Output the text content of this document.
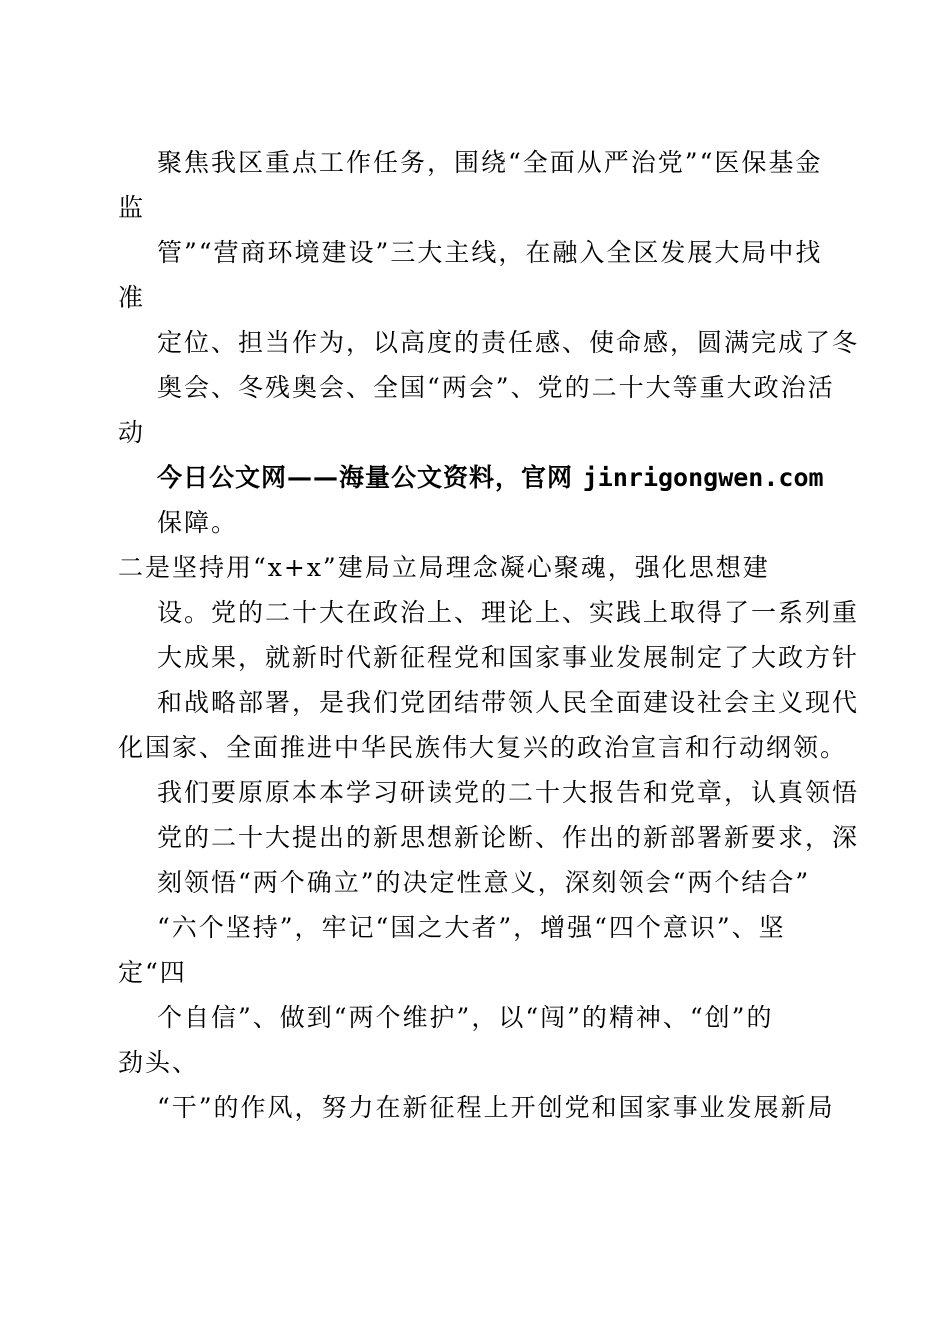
聚焦我区重点工作任务，围绕“全面从严治党”“医保基金
监
管”“营商环境建设”三大主线，在融入全区发展大局中找
准
定位、担当作为，以高度的责任感、使命感，圆满完成了冬
奥会、冬残奥会、全国“两会”、党的二十大等重大政治活
动
今日公文网——海量公文资料，官网 jinrigongwen.com
保障。
二是坚持用“x+x”建局立局理念凝心聚魂，强化思想建
设。党的二十大在政治上、理论上、实践上取得了一系列重
大成果，就新时代新征程党和国家事业发展制定了大政方针
和战略部署，是我们党团结带领人民全面建设社会主义现代
化国家、全面推进中华民族伟大复兴的政治宣言和行动纲领。
我们要原原本本学习研读党的二十大报告和党章，认真领悟
党的二十大提出的新思想新论断、作出的新部署新要求，深
刻领悟“两个确立”的决定性意义，深刻领会“两个结合”
“六个坚持”，牢记“国之大者”，增强“四个意识”、坚
定“四
个自信”、做到“两个维护”，以“闯”的精神、“创”的
劲头、
“干”的作风，努力在新征程上开创党和国家事业发展新局
